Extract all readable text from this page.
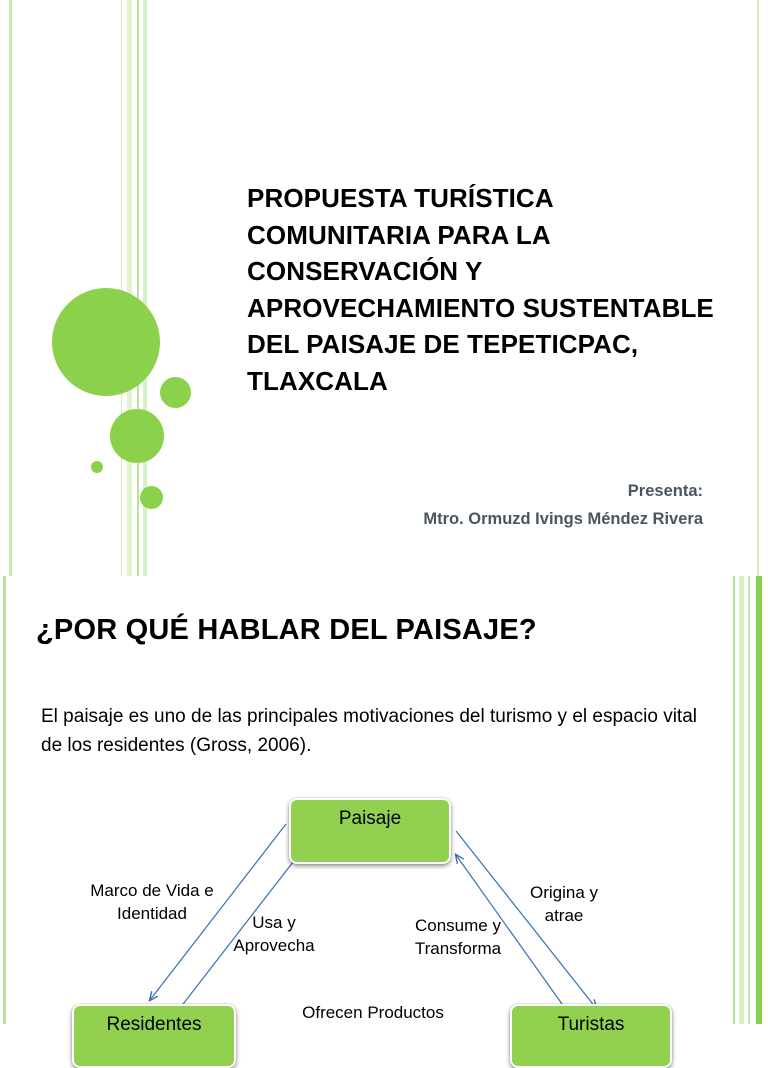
PROPUESTA TURÍSTICA COMUNITARIA PARA LA CONSERVACIÓN Y APROVECHAMIENTO SUSTENTABLE DEL PAISAJE DE TEPETICPAC, TLAXCALA
Presenta:
Mtro. Ormuzd Ivings Méndez Rivera
¿POR QUÉ HABLAR DEL PAISAJE?

El paisaje es uno de las principales motivaciones del turismo y el espacio vital de los residentes (Gross, 2006).

Paisaje
Residentes	Turistas
Marco de Vida e Identidad	Usa y Aprovecha
Consume y Transforma
Origina y atrae
Ofrecen Productos
